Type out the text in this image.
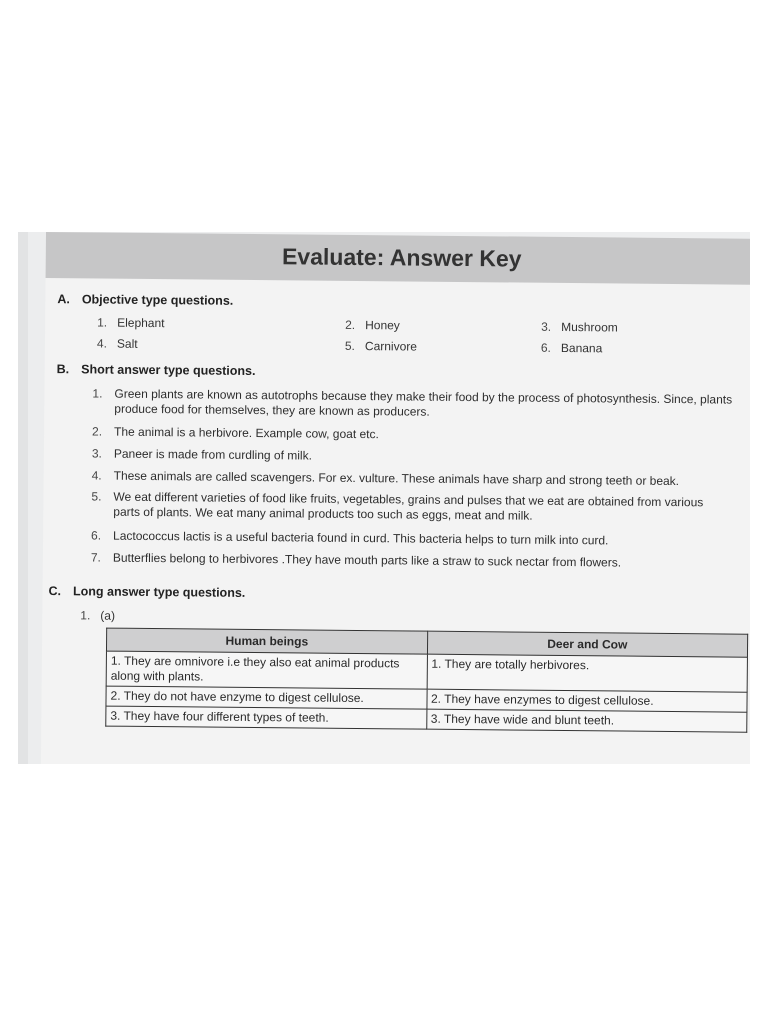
Evaluate: Answer Key
A. Objective type questions.
1. Elephant	2. Honey	3. Mushroom
4. Salt	5. Carnivore	6. Banana
B. Short answer type questions.
1. Green plants are known as autotrophs because they make their food by the process of photosynthesis. Since, plants produce food for themselves, they are known as producers.
2. The animal is a herbivore. Example cow, goat etc.
3. Paneer is made from curdling of milk.
4. These animals are called scavengers. For ex. vulture. These animals have sharp and strong teeth or beak.
5. We eat different varieties of food like fruits, vegetables, grains and pulses that we eat are obtained from various parts of plants. We eat many animal products too such as eggs, meat and milk.
6. Lactococcus lactis is a useful bacteria found in curd. This bacteria helps to turn milk into curd.
7. Butterflies belong to herbivores .They have mouth parts like a straw to suck nectar from flowers.
C. Long answer type questions.
1. (a)
Human beings	Deer and Cow
1. They are omnivore i.e they also eat animal products along with plants.	1. They are totally herbivores.
2. They do not have enzyme to digest cellulose.	2. They have enzymes to digest cellulose.
3. They have four different types of teeth.	3. They have wide and blunt teeth.
